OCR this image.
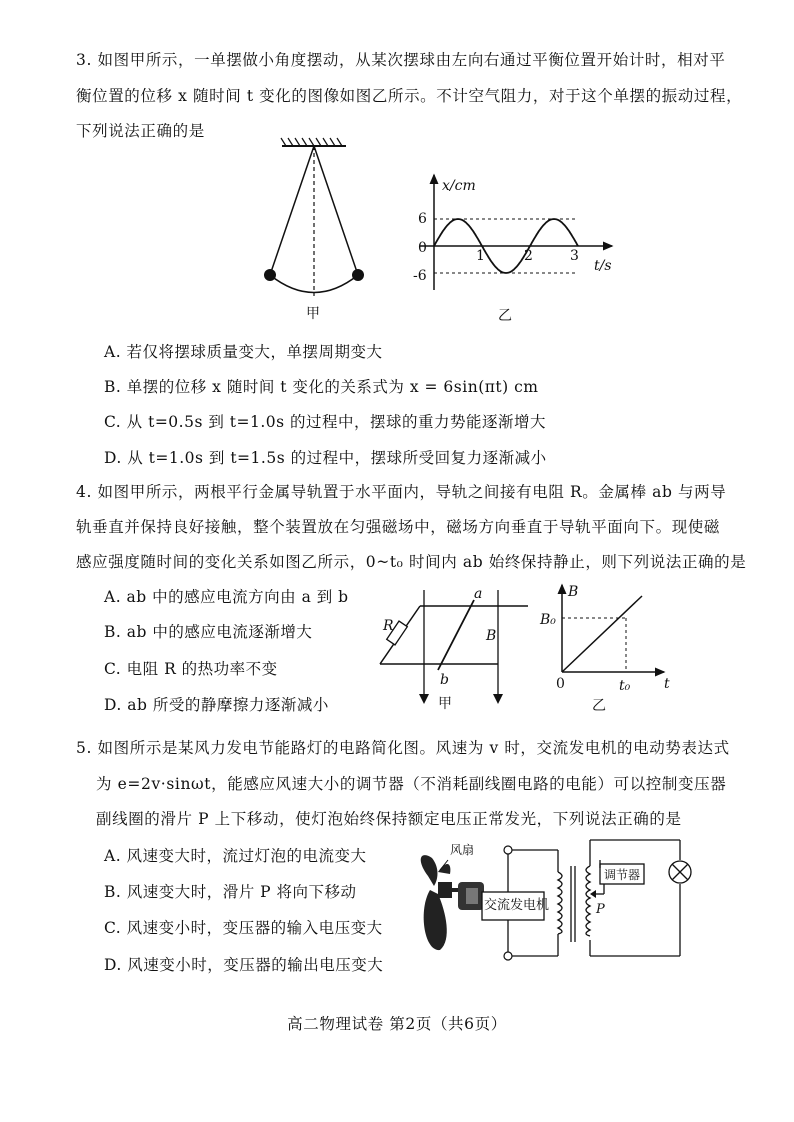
3. 如图甲所示，一单摆做小角度摆动，从某次摆球由左向右通过平衡位置开始计时，相对平
衡位置的位移 x 随时间 t 变化的图像如图乙所示。不计空气阻力，对于这个单摆的振动过程，
下列说法正确的是
甲
x/cm
t/s
6
0
-6
1	2	3
乙
A. 若仅将摆球质量变大，单摆周期变大
B. 单摆的位移 x 随时间 t 变化的关系式为 x = 6sin(πt) cm
C. 从 t=0.5s 到 t=1.0s 的过程中，摆球的重力势能逐渐增大
D. 从 t=1.0s 到 t=1.5s 的过程中，摆球所受回复力逐渐减小
4. 如图甲所示，两根平行金属导轨置于水平面内，导轨之间接有电阻 R。金属棒 ab 与两导
轨垂直并保持良好接触，整个装置放在匀强磁场中，磁场方向垂直于导轨平面向下。现使磁
感应强度随时间的变化关系如图乙所示，0~t₀ 时间内 ab 始终保持静止，则下列说法正确的是
A. ab 中的感应电流方向由 a 到 b
B. ab 中的感应电流逐渐增大
C. 电阻 R 的热功率不变
D. ab 所受的静摩擦力逐渐减小
a
b
R
B
甲
B
t
B₀
t₀
0
乙
5. 如图所示是某风力发电节能路灯的电路简化图。风速为 v 时，交流发电机的电动势表达式
为 e=2v·sinωt，能感应风速大小的调节器（不消耗副线圈电路的电能）可以控制变压器
副线圈的滑片 P 上下移动，使灯泡始终保持额定电压正常发光，下列说法正确的是
A. 风速变大时，流过灯泡的电流变大
B. 风速变大时，滑片 P 将向下移动
C. 风速变小时，变压器的输入电压变大
D. 风速变小时，变压器的输出电压变大
风扇
交流发电机
调节器
P
高二物理试卷 第2页（共6页）
